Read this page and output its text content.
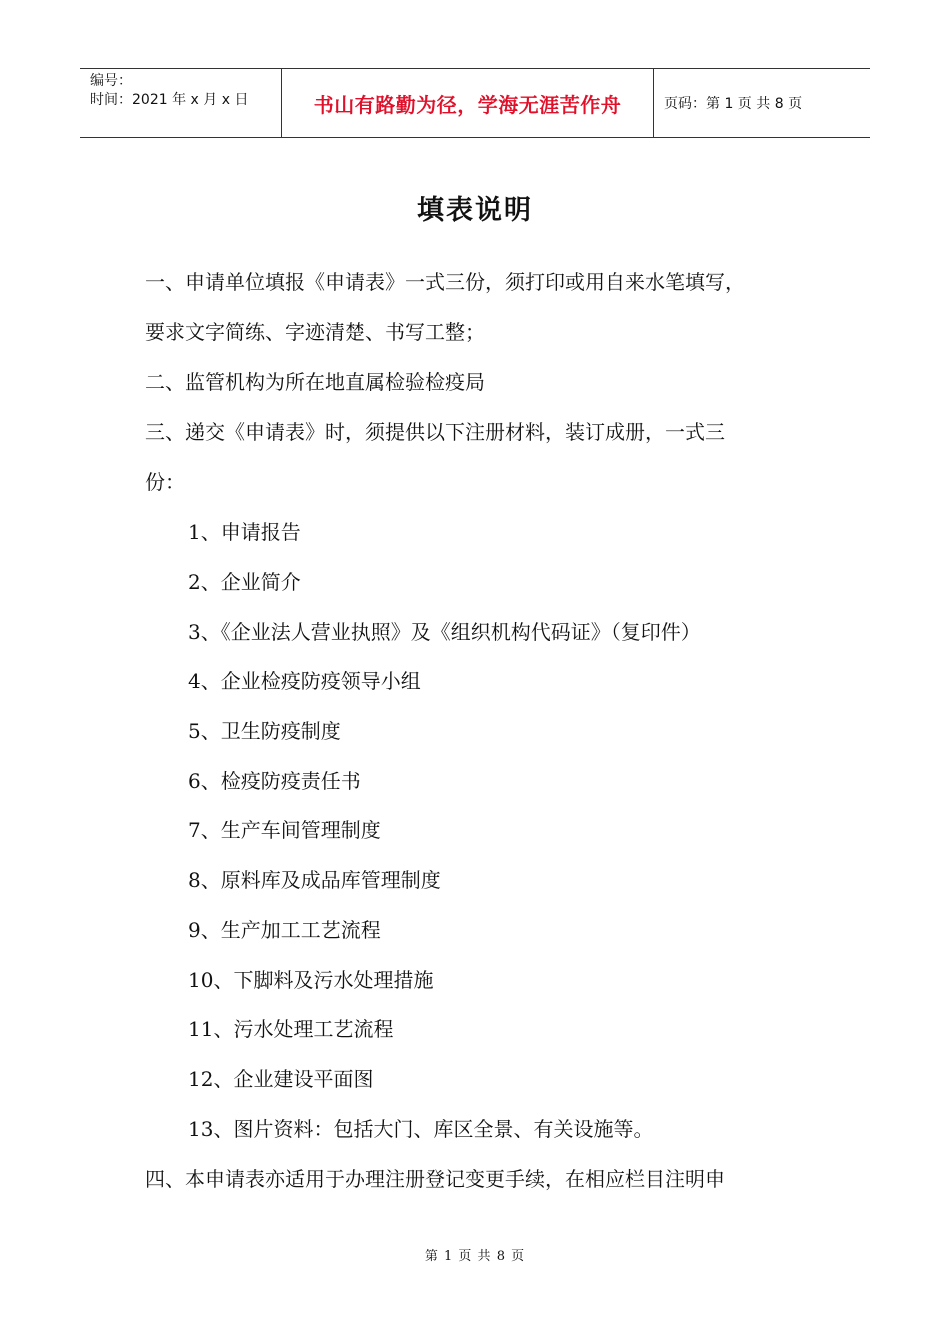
编号：
时间：2021 年 x 月 x 日	书山有路勤为径，学海无涯苦作舟	页码：第 1 页 共 8 页
填表说明
一、申请单位填报《申请表》一式三份，须打印或用自来水笔填写，
要求文字简练、字迹清楚、书写工整；
二、监管机构为所在地直属检验检疫局
三、递交《申请表》时，须提供以下注册材料，装订成册，一式三
份：
1、申请报告
2、企业简介
3、《企业法人营业执照》及《组织机构代码证》（复印件）
4、企业检疫防疫领导小组
5、卫生防疫制度
6、检疫防疫责任书
7、生产车间管理制度
8、原料库及成品库管理制度
9、生产加工工艺流程
10、下脚料及污水处理措施
11、污水处理工艺流程
12、企业建设平面图
13、图片资料：包括大门、库区全景、有关设施等。
四、本申请表亦适用于办理注册登记变更手续，在相应栏目注明申
第 1 页 共 8 页
